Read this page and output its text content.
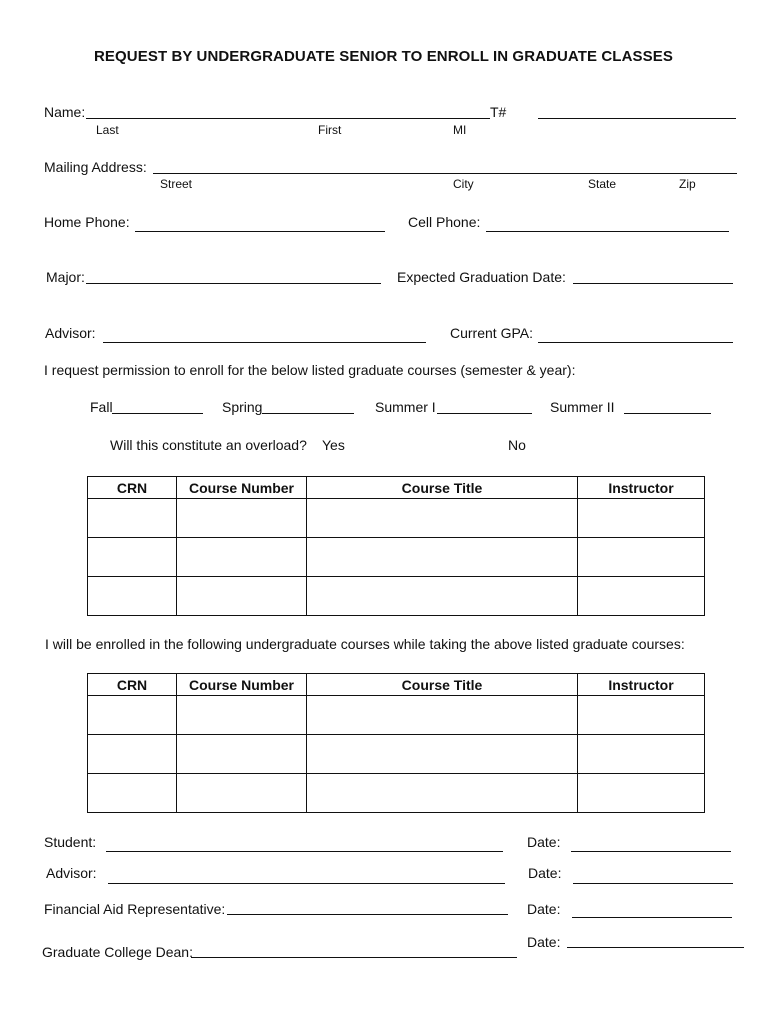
REQUEST BY UNDERGRADUATE SENIOR TO ENROLL IN GRADUATE CLASSES
Name:	T#
Last	First	MI
Mailing Address:
Street	City	State	Zip
Home Phone:	Cell Phone:
Major:	Expected Graduation Date:
Advisor:	Current GPA:
I request permission to enroll for the below listed graduate courses (semester & year):
Fall	Spring	Summer I	Summer II
Will this constitute an overload? Yes	No
CRN	Course Number	Course Title	Instructor

I will be enrolled in the following undergraduate courses while taking the above listed graduate courses:
CRN	Course Number	Course Title	Instructor

Student:	Date:
Advisor:	Date:
Financial Aid Representative:	Date:
Date:
Graduate College Dean:
